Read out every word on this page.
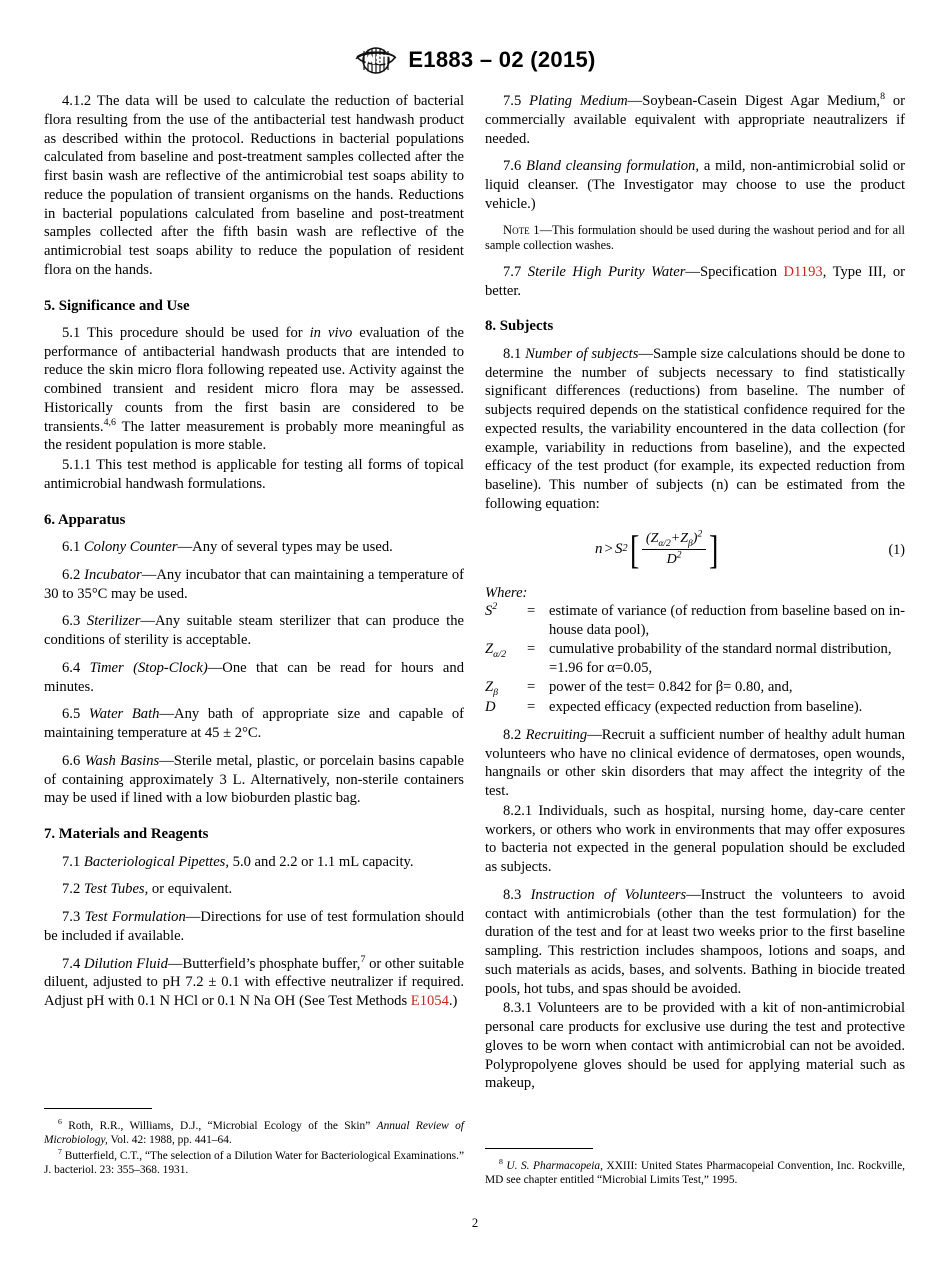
E1883 – 02 (2015)

4.1.2 The data will be used to calculate the reduction of bacterial flora resulting from the use of the antibacterial test handwash product as described within the protocol. Reductions in bacterial populations calculated from baseline and post-treatment samples collected after the first basin wash are reflective of the antimicrobial test soaps ability to reduce the population of transient organisms on the hands. Reductions in bacterial populations calculated from baseline and post-treatment samples collected after the fifth basin wash are reflective of the antimicrobial test soaps ability to reduce the population of resident flora on the hands.

5. Significance and Use

5.1 This procedure should be used for in vivo evaluation of the performance of antibacterial handwash products that are intended to reduce the skin micro flora following repeated use. Activity against the combined transient and resident micro flora may be assessed. Historically counts from the first basin are considered to be transients.$^{4,6}$ The latter measurement is probably more meaningful as the resident population is more stable.

5.1.1 This test method is applicable for testing all forms of topical antimicrobial handwash formulations.

6. Apparatus

6.1 Colony Counter—Any of several types may be used.

6.2 Incubator—Any incubator that can maintaining a temperature of 30 to 35°C may be used.

6.3 Sterilizer—Any suitable steam sterilizer that can produce the conditions of sterility is acceptable.

6.4 Timer (Stop-Clock)—One that can be read for hours and minutes.

6.5 Water Bath—Any bath of appropriate size and capable of maintaining temperature at 45 ± 2°C.

6.6 Wash Basins—Sterile metal, plastic, or porcelain basins capable of containing approximately 3 L. Alternatively, non-sterile containers may be used if lined with a low bioburden plastic bag.

7. Materials and Reagents

7.1 Bacteriological Pipettes, 5.0 and 2.2 or 1.1 mL capacity.

7.2 Test Tubes, or equivalent.

7.3 Test Formulation—Directions for use of test formulation should be included if available.

7.4 Dilution Fluid—Butterfield’s phosphate buffer,$^7$ or other suitable diluent, adjusted to pH 7.2 ± 0.1 with effective neutralizer if required. Adjust pH with 0.1 N HCl or 0.1 N Na OH (See Test Methods E1054.)

7.5 Plating Medium—Soybean-Casein Digest Agar Medium,$^8$ or commercially available equivalent with appropriate neautralizers if needed.

7.6 Bland cleansing formulation, a mild, non-antimicrobial solid or liquid cleanser. (The Investigator may choose to use the product vehicle.)

Note 1—This formulation should be used during the washout period and for all sample collection washes.

7.7 Sterile High Purity Water—Specification D1193, Type III, or better.

8. Subjects

8.1 Number of subjects—Sample size calculations should be done to determine the number of subjects necessary to find statistically significant differences (reductions) from baseline. The number of subjects required depends on the statistical confidence required for the expected results, the variability encountered in the data collection (for example, variability in reductions from baseline), and the expected efficacy of the test product (for example, its expected reduction from baseline). This number of subjects (n) can be estimated from the following equation:

n > S 2 [ $\frac{(Z_{\alpha/2}+Z_\beta)^2}{D^2}$ ]	(1)
Where:
$S^2$	=	estimate of variance (of reduction from baseline based on in-house data pool),
$Z_{\alpha/2}$	=	cumulative probability of the standard normal distribution,
		=1.96 for α=0.05,
$Z_\beta$	=	power of the test= 0.842 for β= 0.80, and,
D	=	expected efficacy (expected reduction from baseline).

8.2 Recruiting—Recruit a sufficient number of healthy adult human volunteers who have no clinical evidence of dermatoses, open wounds, hangnails or other skin disorders that may affect the integrity of the test.

8.2.1 Individuals, such as hospital, nursing home, day-care center workers, or others who work in environments that may offer exposures to bacteria not expected in the general population should be excluded as subjects.

8.3 Instruction of Volunteers—Instruct the volunteers to avoid contact with antimicrobials (other than the test formulation) for the duration of the test and for at least two weeks prior to the first baseline sampling. This restriction includes shampoos, lotions and soaps, and such materials as acids, bases, and solvents. Bathing in biocide treated pools, hot tubs, and spas should be avoided.

8.3.1 Volunteers are to be provided with a kit of non-antimicrobial personal care products for exclusive use during the test and protective gloves to be worn when contact with antimicrobial can not be avoided. Polypropolyene gloves should be used for applying material such as makeup,

$^6$ Roth, R.R., Williams, D.J., “Microbial Ecology of the Skin” Annual Review of Microbiology, Vol. 42: 1988, pp. 441–64.

$^7$ Butterfield, C.T., “The selection of a Dilution Water for Bacteriological Examinations.” J. bacteriol. 23: 355–368. 1931.

$^8$ U. S. Pharmacopeia, XXIII: United States Pharmacopeial Convention, Inc. Rockville, MD see chapter entitled “Microbial Limits Test,” 1995.

2
